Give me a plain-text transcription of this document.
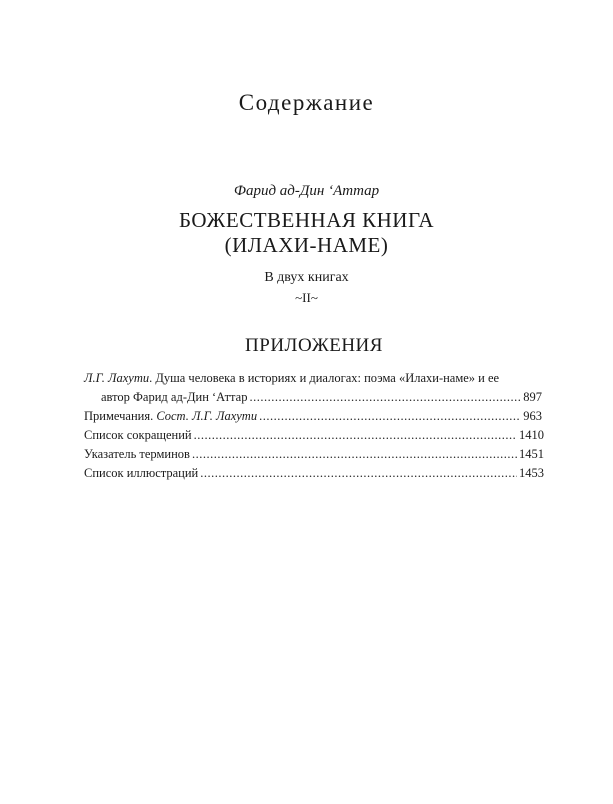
Содержание
Фарид ад-Дин ‘Аттар
БОЖЕСТВЕННАЯ КНИГА
(ИЛАХИ-НАМЕ)
В двух книгах
~II~
ПРИЛОЖЕНИЯ
Л.Г. Лахути. Душа человека в историях и диалогах: поэма «Илахи-наме» и ее
автор Фарид ад-Дин ‘Аттар .....	897
Примечания. Сост. Л.Г. Лахути .....	963
Список сокращений .....	1410
Указатель терминов .....	1451
Список иллюстраций .....	1453
